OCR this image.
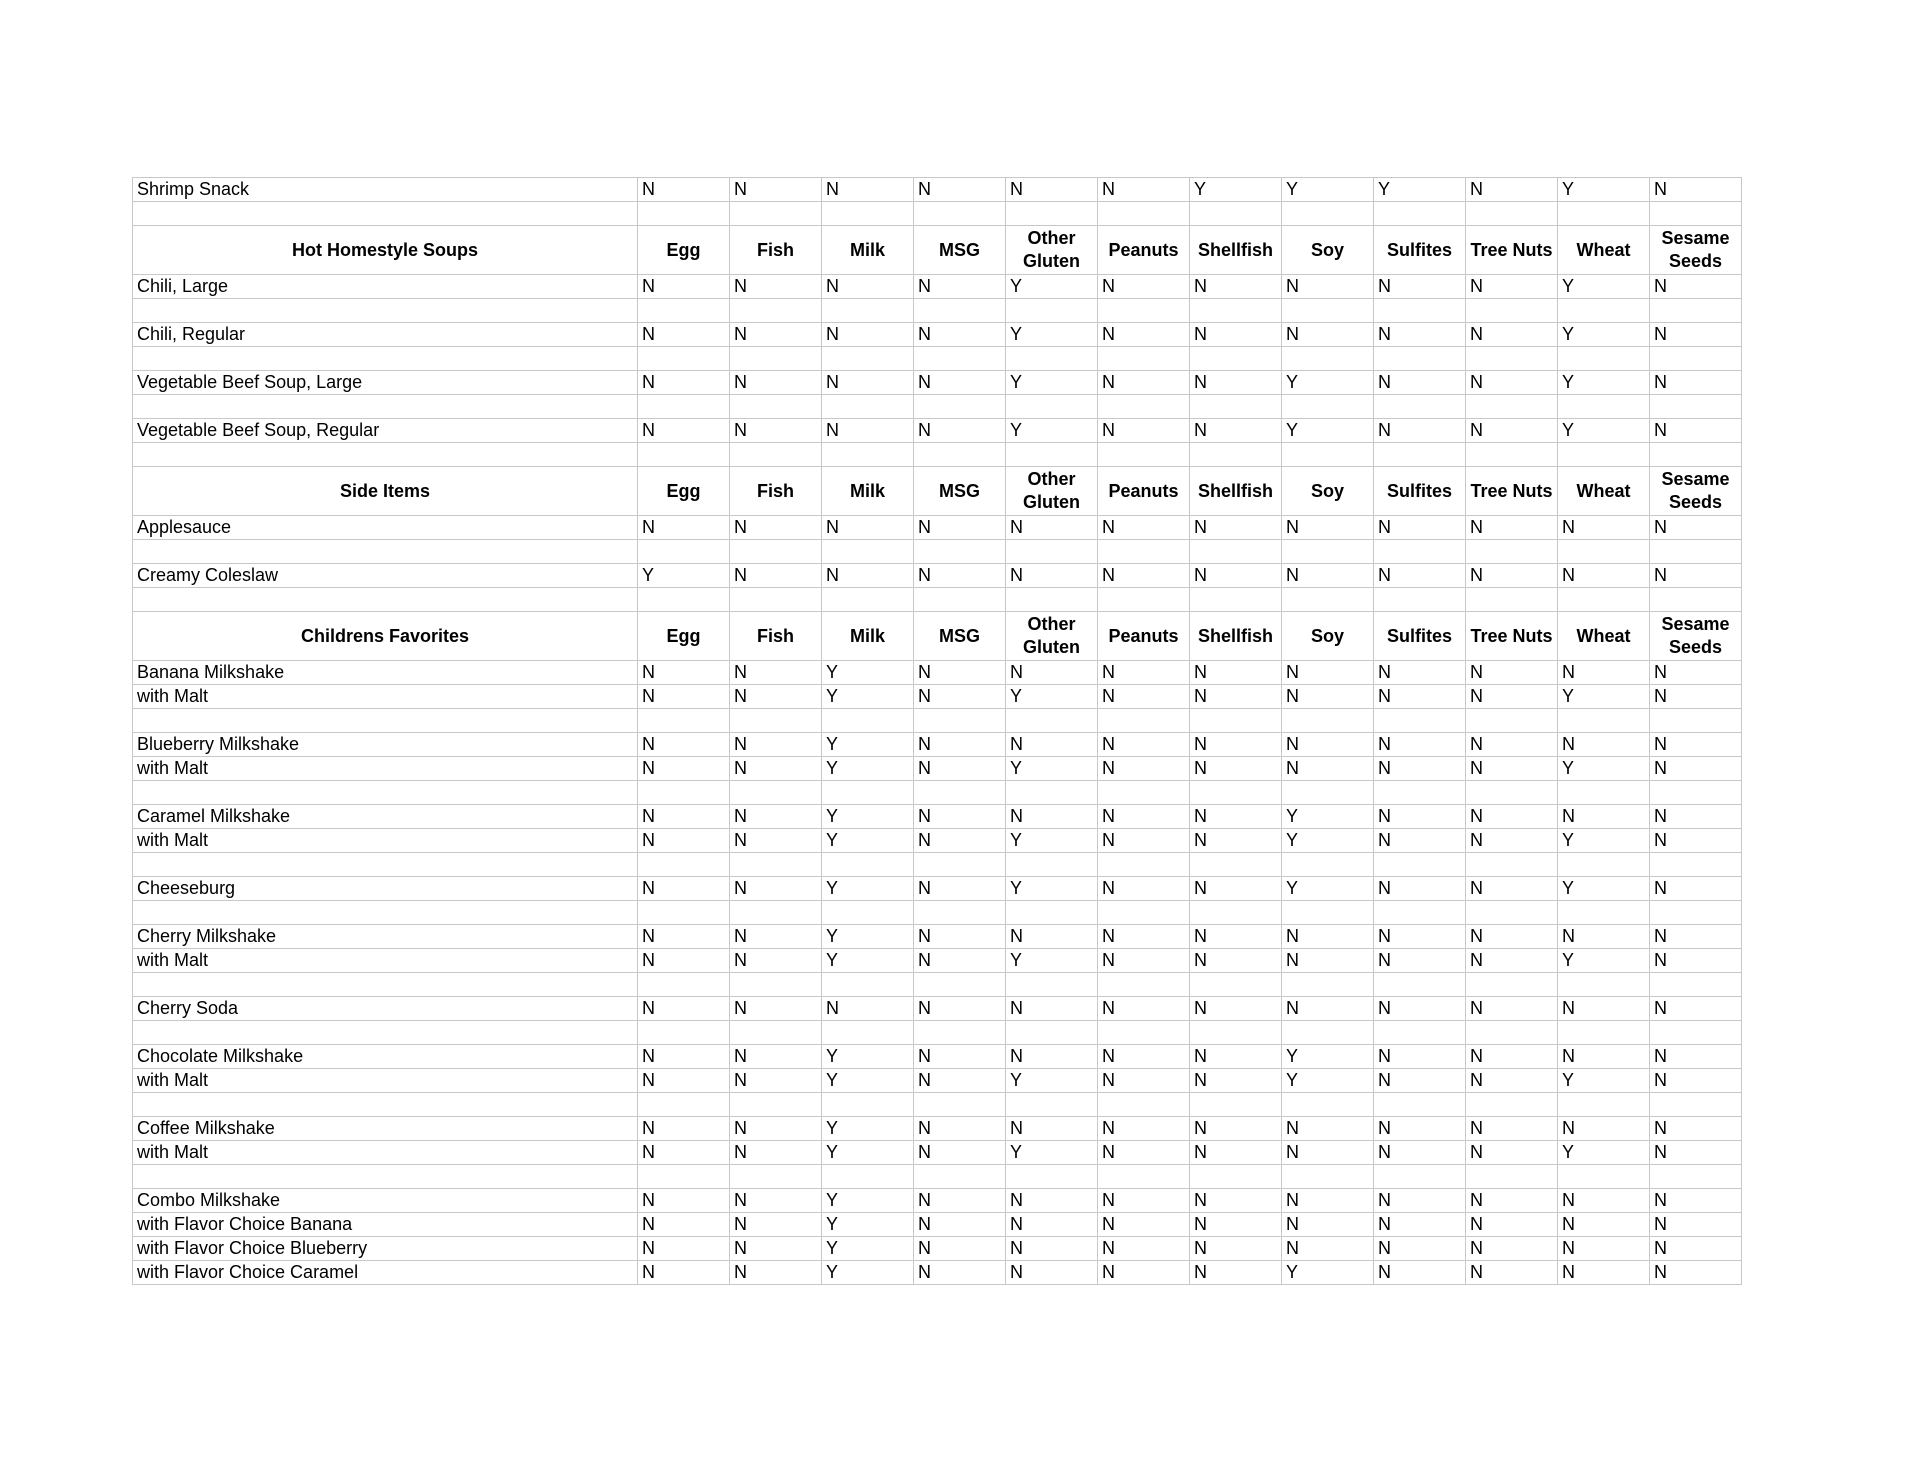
Shrimp Snack	N	N	N	N	N	N	Y	Y	Y	N	Y	N

Hot Homestyle Soups	Egg	Fish	Milk	MSG	Other Gluten	Peanuts	Shellfish	Soy	Sulfites	Tree Nuts	Wheat	Sesame Seeds
Chili, Large	N	N	N	N	Y	N	N	N	N	N	Y	N

Chili, Regular	N	N	N	N	Y	N	N	N	N	N	Y	N

Vegetable Beef Soup, Large	N	N	N	N	Y	N	N	Y	N	N	Y	N

Vegetable Beef Soup, Regular	N	N	N	N	Y	N	N	Y	N	N	Y	N

Side Items	Egg	Fish	Milk	MSG	Other Gluten	Peanuts	Shellfish	Soy	Sulfites	Tree Nuts	Wheat	Sesame Seeds
Applesauce	N	N	N	N	N	N	N	N	N	N	N	N

Creamy Coleslaw	Y	N	N	N	N	N	N	N	N	N	N	N

Childrens Favorites	Egg	Fish	Milk	MSG	Other Gluten	Peanuts	Shellfish	Soy	Sulfites	Tree Nuts	Wheat	Sesame Seeds
Banana Milkshake	N	N	Y	N	N	N	N	N	N	N	N	N
with Malt	N	N	Y	N	Y	N	N	N	N	N	Y	N

Blueberry Milkshake	N	N	Y	N	N	N	N	N	N	N	N	N
with Malt	N	N	Y	N	Y	N	N	N	N	N	Y	N

Caramel Milkshake	N	N	Y	N	N	N	N	Y	N	N	N	N
with Malt	N	N	Y	N	Y	N	N	Y	N	N	Y	N

Cheeseburg	N	N	Y	N	Y	N	N	Y	N	N	Y	N

Cherry Milkshake	N	N	Y	N	N	N	N	N	N	N	N	N
with Malt	N	N	Y	N	Y	N	N	N	N	N	Y	N

Cherry Soda	N	N	N	N	N	N	N	N	N	N	N	N

Chocolate Milkshake	N	N	Y	N	N	N	N	Y	N	N	N	N
with Malt	N	N	Y	N	Y	N	N	Y	N	N	Y	N

Coffee Milkshake	N	N	Y	N	N	N	N	N	N	N	N	N
with Malt	N	N	Y	N	Y	N	N	N	N	N	Y	N

Combo Milkshake	N	N	Y	N	N	N	N	N	N	N	N	N
with Flavor Choice Banana	N	N	Y	N	N	N	N	N	N	N	N	N
with Flavor Choice Blueberry	N	N	Y	N	N	N	N	N	N	N	N	N
with Flavor Choice Caramel	N	N	Y	N	N	N	N	Y	N	N	N	N
